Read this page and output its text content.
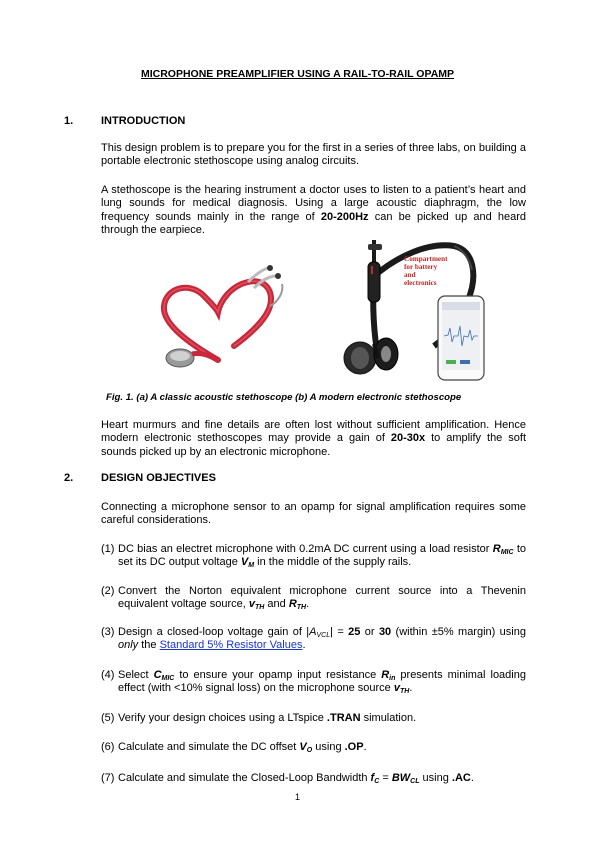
MICROPHONE PREAMPLIFIER USING A RAIL-TO-RAIL OPAMP
1.	INTRODUCTION
This design problem is to prepare you for the first in a series of three labs, on building a portable electronic stethoscope using analog circuits.
A stethoscope is the hearing instrument a doctor uses to listen to a patient’s heart and lung sounds for medical diagnosis. Using a large acoustic diaphragm, the low frequency sounds mainly in the range of 20-200Hz can be picked up and heard through the earpiece.
Compartment
for battery
and
electronics
Fig. 1. (a) A classic acoustic stethoscope (b) A modern electronic stethoscope
Heart murmurs and fine details are often lost without sufficient amplification. Hence modern electronic stethoscopes may provide a gain of 20-30x to amplify the soft sounds picked up by an electronic microphone.
2.	DESIGN OBJECTIVES
Connecting a microphone sensor to an opamp for signal amplification requires some careful considerations.
(1) DC bias an electret microphone with 0.2mA DC current using a load resistor $R_{MIC}$ to set its DC output voltage $V_M$ in the middle of the supply rails.
(2) Convert the Norton equivalent microphone current source into a Thevenin equivalent voltage source, $v_{TH}$ and $R_{TH}$.
(3) Design a closed-loop voltage gain of $|A_{VCL}| = 25$ or 30 (within ±5% margin) using only the Standard 5% Resistor Values.
(4) Select $C_{MIC}$ to ensure your opamp input resistance $R_{in}$ presents minimal loading effect (with <10% signal loss) on the microphone source $v_{TH}$.
(5) Verify your design choices using a LTspice .TRAN simulation.
(6) Calculate and simulate the DC offset $V_O$ using .OP.
(7) Calculate and simulate the Closed-Loop Bandwidth $f_C = BW_{CL}$ using .AC.
1
